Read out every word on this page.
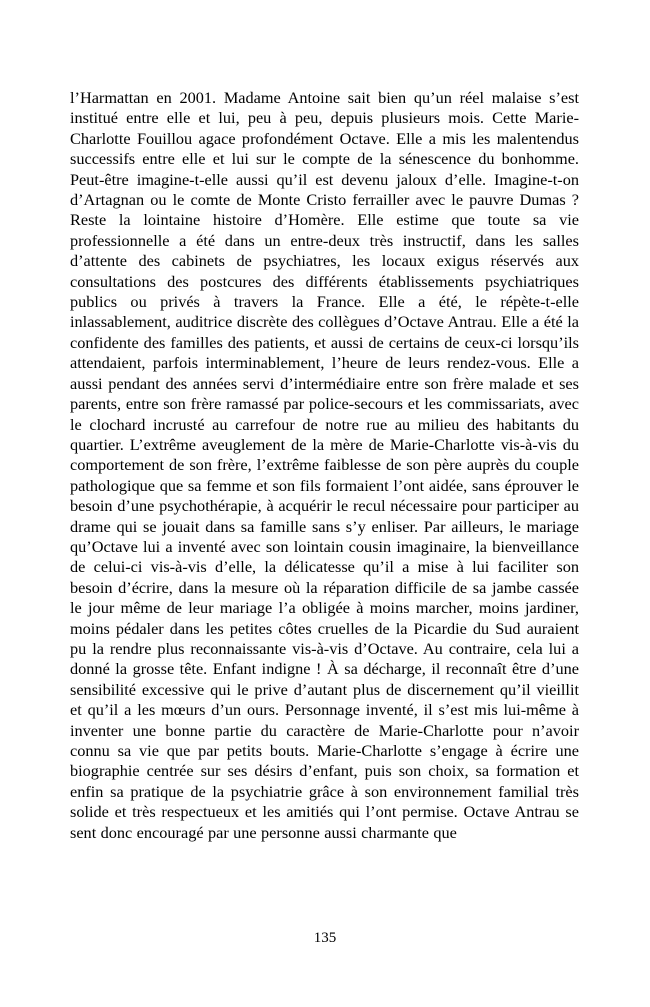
l’Harmattan en 2001. Madame Antoine sait bien qu’un réel malaise s’est institué entre elle et lui, peu à peu, depuis plusieurs mois. Cette Marie-Charlotte Fouillou agace profondément Octave. Elle a mis les malentendus successifs entre elle et lui sur le compte de la sénescence du bonhomme. Peut-être imagine-t-elle aussi qu’il est devenu jaloux d’elle. Imagine-t-on d’Artagnan ou le comte de Monte Cristo ferrailler avec le pauvre Dumas ? Reste la lointaine histoire d’Homère. Elle estime que toute sa vie professionnelle a été dans un entre-deux très instructif, dans les salles d’attente des cabinets de psychiatres, les locaux exigus réservés aux consultations des postcures des différents établissements psychiatriques publics ou privés à travers la France. Elle a été, le répète-t-elle inlassablement, auditrice discrète des collègues d’Octave Antrau. Elle a été la confidente des familles des patients, et aussi de certains de ceux-ci lorsqu’ils attendaient, parfois interminablement, l’heure de leurs rendez-vous. Elle a aussi pendant des années servi d’intermédiaire entre son frère malade et ses parents, entre son frère ramassé par police-secours et les commissariats, avec le clochard incrusté au carrefour de notre rue au milieu des habitants du quartier. L’extrême aveuglement de la mère de Marie-Charlotte vis-à-vis du comportement de son frère, l’extrême faiblesse de son père auprès du couple pathologique que sa femme et son fils formaient l’ont aidée, sans éprouver le besoin d’une psychothérapie, à acquérir le recul nécessaire pour participer au drame qui se jouait dans sa famille sans s’y enliser. Par ailleurs, le mariage qu’Octave lui a inventé avec son lointain cousin imaginaire, la bienveillance de celui-ci vis-à-vis d’elle, la délicatesse qu’il a mise à lui faciliter son besoin d’écrire, dans la mesure où la réparation difficile de sa jambe cassée le jour même de leur mariage l’a obligée à moins marcher, moins jardiner, moins pédaler dans les petites côtes cruelles de la Picardie du Sud auraient pu la rendre plus reconnaissante vis-à-vis d’Octave. Au contraire, cela lui a donné la grosse tête. Enfant indigne ! À sa décharge, il reconnaît être d’une sensibilité excessive qui le prive d’autant plus de discernement qu’il vieillit et qu’il a les mœurs d’un ours. Personnage inventé, il s’est mis lui-même à inventer une bonne partie du caractère de Marie-Charlotte pour n’avoir connu sa vie que par petits bouts. Marie-Charlotte s’engage à écrire une biographie centrée sur ses désirs d’enfant, puis son choix, sa formation et enfin sa pratique de la psychiatrie grâce à son environnement familial très solide et très respectueux et les amitiés qui l’ont permise. Octave Antrau se sent donc encouragé par une personne aussi charmante que

135
